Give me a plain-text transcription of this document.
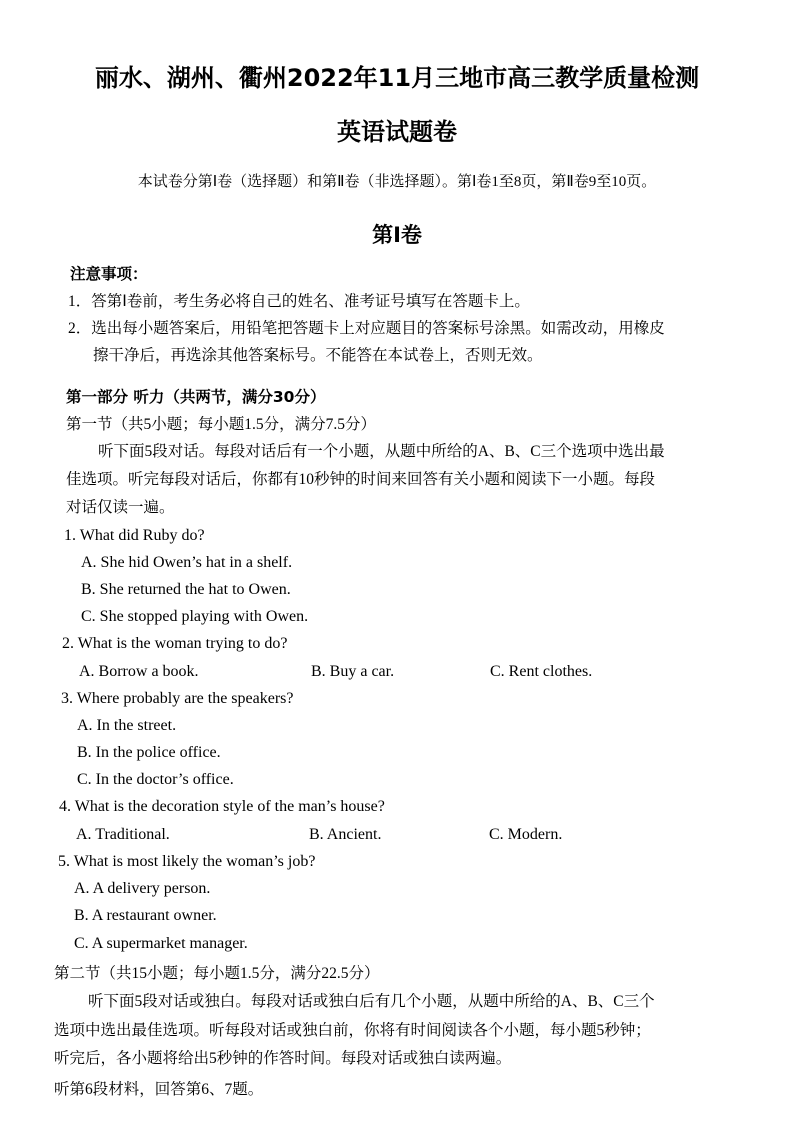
丽水、湖州、衢州2022年11月三地市高三教学质量检测
英语试题卷
本试卷分第Ⅰ卷（选择题）和第Ⅱ卷（非选择题）。第Ⅰ卷1至8页，第Ⅱ卷9至10页。
第Ⅰ卷
注意事项：
1．答第Ⅰ卷前，考生务必将自己的姓名、准考证号填写在答题卡上。
2．选出每小题答案后，用铅笔把答题卡上对应题目的答案标号涂黑。如需改动，用橡皮
擦干净后，再选涂其他答案标号。不能答在本试卷上，否则无效。
第一部分 听力（共两节，满分30分）
第一节（共5小题；每小题1.5分，满分7.5分）
听下面5段对话。每段对话后有一个小题，从题中所给的A、B、C三个选项中选出最
佳选项。听完每段对话后，你都有10秒钟的时间来回答有关小题和阅读下一小题。每段
对话仅读一遍。
1. What did Ruby do?
A. She hid Owen’s hat in a shelf.
B. She returned the hat to Owen.
C. She stopped playing with Owen.
2. What is the woman trying to do?
A. Borrow a book.	B. Buy a car.	C. Rent clothes.
3. Where probably are the speakers?
A. In the street.
B. In the police office.
C. In the doctor’s office.
4. What is the decoration style of the man’s house?
A. Traditional.	B. Ancient.	C. Modern.
5. What is most likely the woman’s job?
A. A delivery person.
B. A restaurant owner.
C. A supermarket manager.
第二节（共15小题；每小题1.5分，满分22.5分）
听下面5段对话或独白。每段对话或独白后有几个小题，从题中所给的A、B、C三个
选项中选出最佳选项。听每段对话或独白前，你将有时间阅读各个小题，每小题5秒钟；
听完后，各小题将给出5秒钟的作答时间。每段对话或独白读两遍。
听第6段材料，回答第6、7题。
